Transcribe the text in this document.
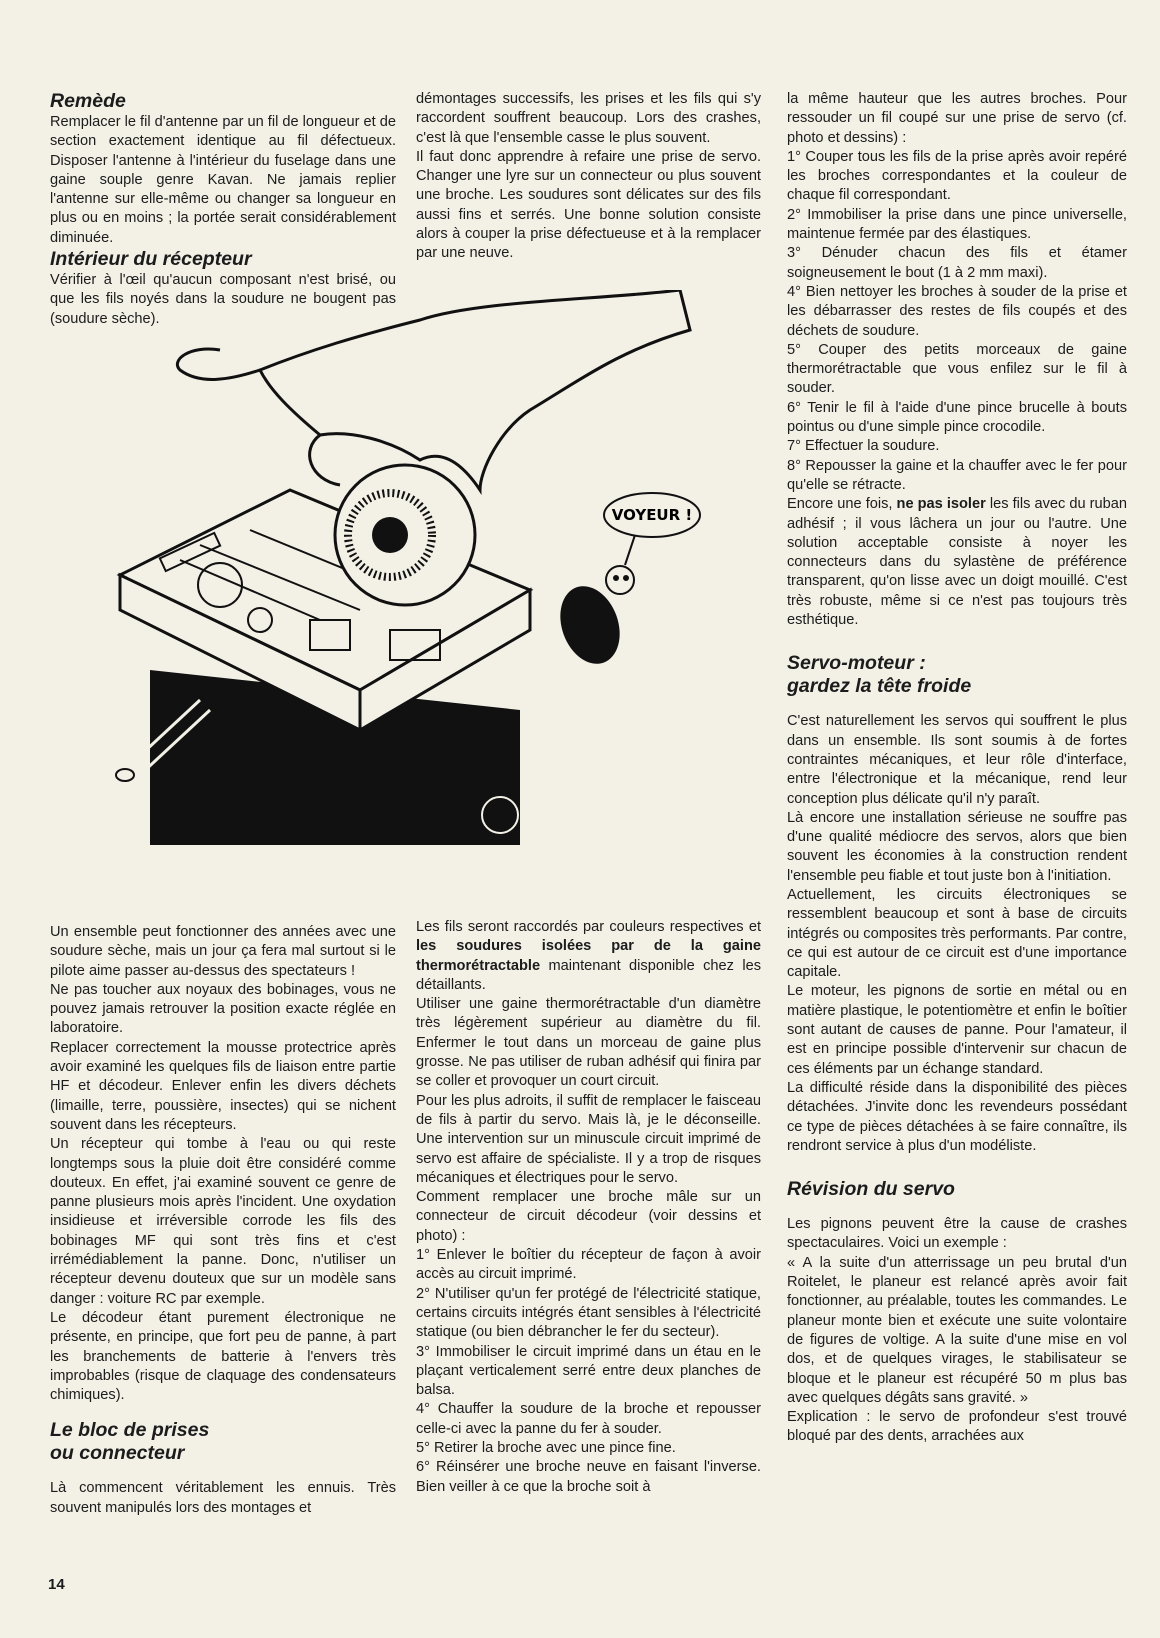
Remède

Remplacer le fil d'antenne par un fil de longueur et de section exactement identique au fil défectueux. Disposer l'antenne à l'intérieur du fuselage dans une gaine souple genre Kavan. Ne jamais replier l'antenne sur elle-même ou changer sa longueur en plus ou en moins ; la portée serait considérablement diminuée.

Intérieur du récepteur

Vérifier à l'œil qu'aucun composant n'est brisé, ou que les fils noyés dans la soudure ne bougent pas (soudure sèche).

démontages successifs, les prises et les fils qui s'y raccordent souffrent beaucoup. Lors des crashes, c'est là que l'ensemble casse le plus souvent.

Il faut donc apprendre à refaire une prise de servo. Changer une lyre sur un connecteur ou plus souvent une broche. Les soudures sont délicates sur des fils aussi fins et serrés. Une bonne solution consiste alors à couper la prise défectueuse et à la remplacer par une neuve.

la même hauteur que les autres broches. Pour ressouder un fil coupé sur une prise de servo (cf. photo et dessins) :

1° Couper tous les fils de la prise après avoir repéré les broches correspondantes et la couleur de chaque fil correspondant.

2° Immobiliser la prise dans une pince universelle, maintenue fermée par des élastiques.

3° Dénuder chacun des fils et étamer soigneusement le bout (1 à 2 mm maxi).

4° Bien nettoyer les broches à souder de la prise et les débarrasser des restes de fils coupés et des déchets de soudure.

5° Couper des petits morceaux de gaine thermorétractable que vous enfilez sur le fil à souder.

6° Tenir le fil à l'aide d'une pince brucelle à bouts pointus ou d'une simple pince crocodile.

7° Effectuer la soudure.

8° Repousser la gaine et la chauffer avec le fer pour qu'elle se rétracte.

Encore une fois, ne pas isoler les fils avec du ruban adhésif ; il vous lâchera un jour ou l'autre. Une solution acceptable consiste à noyer les connecteurs dans du sylastène de préférence transparent, qu'on lisse avec un doigt mouillé. C'est très robuste, même si ce n'est pas toujours très esthétique.

Servo-moteur :
gardez la tête froide

C'est naturellement les servos qui souffrent le plus dans un ensemble. Ils sont soumis à de fortes contraintes mécaniques, et leur rôle d'interface, entre l'électronique et la mécanique, rend leur conception plus délicate qu'il n'y paraît.

Là encore une installation sérieuse ne souffre pas d'une qualité médiocre des servos, alors que bien souvent les économies à la construction rendent l'ensemble peu fiable et tout juste bon à l'initiation.

Actuellement, les circuits électroniques se ressemblent beaucoup et sont à base de circuits intégrés ou composites très performants. Par contre, ce qui est autour de ce circuit est d'une importance capitale.

Le moteur, les pignons de sortie en métal ou en matière plastique, le potentiomètre et enfin le boîtier sont autant de causes de panne. Pour l'amateur, il est en principe possible d'intervenir sur chacun de ces éléments par un échange standard.

La difficulté réside dans la disponibilité des pièces détachées. J'invite donc les revendeurs possédant ce type de pièces détachées à se faire connaître, ils rendront service à plus d'un modéliste.

Révision du servo

Les pignons peuvent être la cause de crashes spectaculaires. Voici un exemple :

« A la suite d'un atterrissage un peu brutal d'un Roitelet, le planeur est relancé après avoir fait fonctionner, au préalable, toutes les commandes. Le planeur monte bien et exécute une suite volontaire de figures de voltige. A la suite d'une mise en vol dos, et de quelques virages, le stabilisateur se bloque et le planeur est récupéré 50 m plus bas avec quelques dégâts sans gravité. »

Explication : le servo de profondeur s'est trouvé bloqué par des dents, arrachées aux

VOYEUR !

Un ensemble peut fonctionner des années avec une soudure sèche, mais un jour ça fera mal surtout si le pilote aime passer au-dessus des spectateurs !

Ne pas toucher aux noyaux des bobinages, vous ne pouvez jamais retrouver la position exacte réglée en laboratoire.

Replacer correctement la mousse protectrice après avoir examiné les quelques fils de liaison entre partie HF et décodeur. Enlever enfin les divers déchets (limaille, terre, poussière, insectes) qui se nichent souvent dans les récepteurs.

Un récepteur qui tombe à l'eau ou qui reste longtemps sous la pluie doit être considéré comme douteux. En effet, j'ai examiné souvent ce genre de panne plusieurs mois après l'incident. Une oxydation insidieuse et irréversible corrode les fils des bobinages MF qui sont très fins et c'est irrémédiablement la panne. Donc, n'utiliser un récepteur devenu douteux que sur un modèle sans danger : voiture RC par exemple.

Le décodeur étant purement électronique ne présente, en principe, que fort peu de panne, à part les branchements de batterie à l'envers très improbables (risque de claquage des condensateurs chimiques).

Le bloc de prises
ou connecteur

Là commencent véritablement les ennuis. Très souvent manipulés lors des montages et

Les fils seront raccordés par couleurs respectives et les soudures isolées par de la gaine thermorétractable maintenant disponible chez les détaillants.

Utiliser une gaine thermorétractable d'un diamètre très légèrement supérieur au diamètre du fil. Enfermer le tout dans un morceau de gaine plus grosse. Ne pas utiliser de ruban adhésif qui finira par se coller et provoquer un court circuit.

Pour les plus adroits, il suffit de remplacer le faisceau de fils à partir du servo. Mais là, je le déconseille. Une intervention sur un minuscule circuit imprimé de servo est affaire de spécialiste. Il y a trop de risques mécaniques et électriques pour le servo.

Comment remplacer une broche mâle sur un connecteur de circuit décodeur (voir dessins et photo) :

1° Enlever le boîtier du récepteur de façon à avoir accès au circuit imprimé.

2° N'utiliser qu'un fer protégé de l'électricité statique, certains circuits intégrés étant sensibles à l'électricité statique (ou bien débrancher le fer du secteur).

3° Immobiliser le circuit imprimé dans un étau en le plaçant verticalement serré entre deux planches de balsa.

4° Chauffer la soudure de la broche et repousser celle-ci avec la panne du fer à souder.

5° Retirer la broche avec une pince fine.

6° Réinsérer une broche neuve en faisant l'inverse. Bien veiller à ce que la broche soit à

14
